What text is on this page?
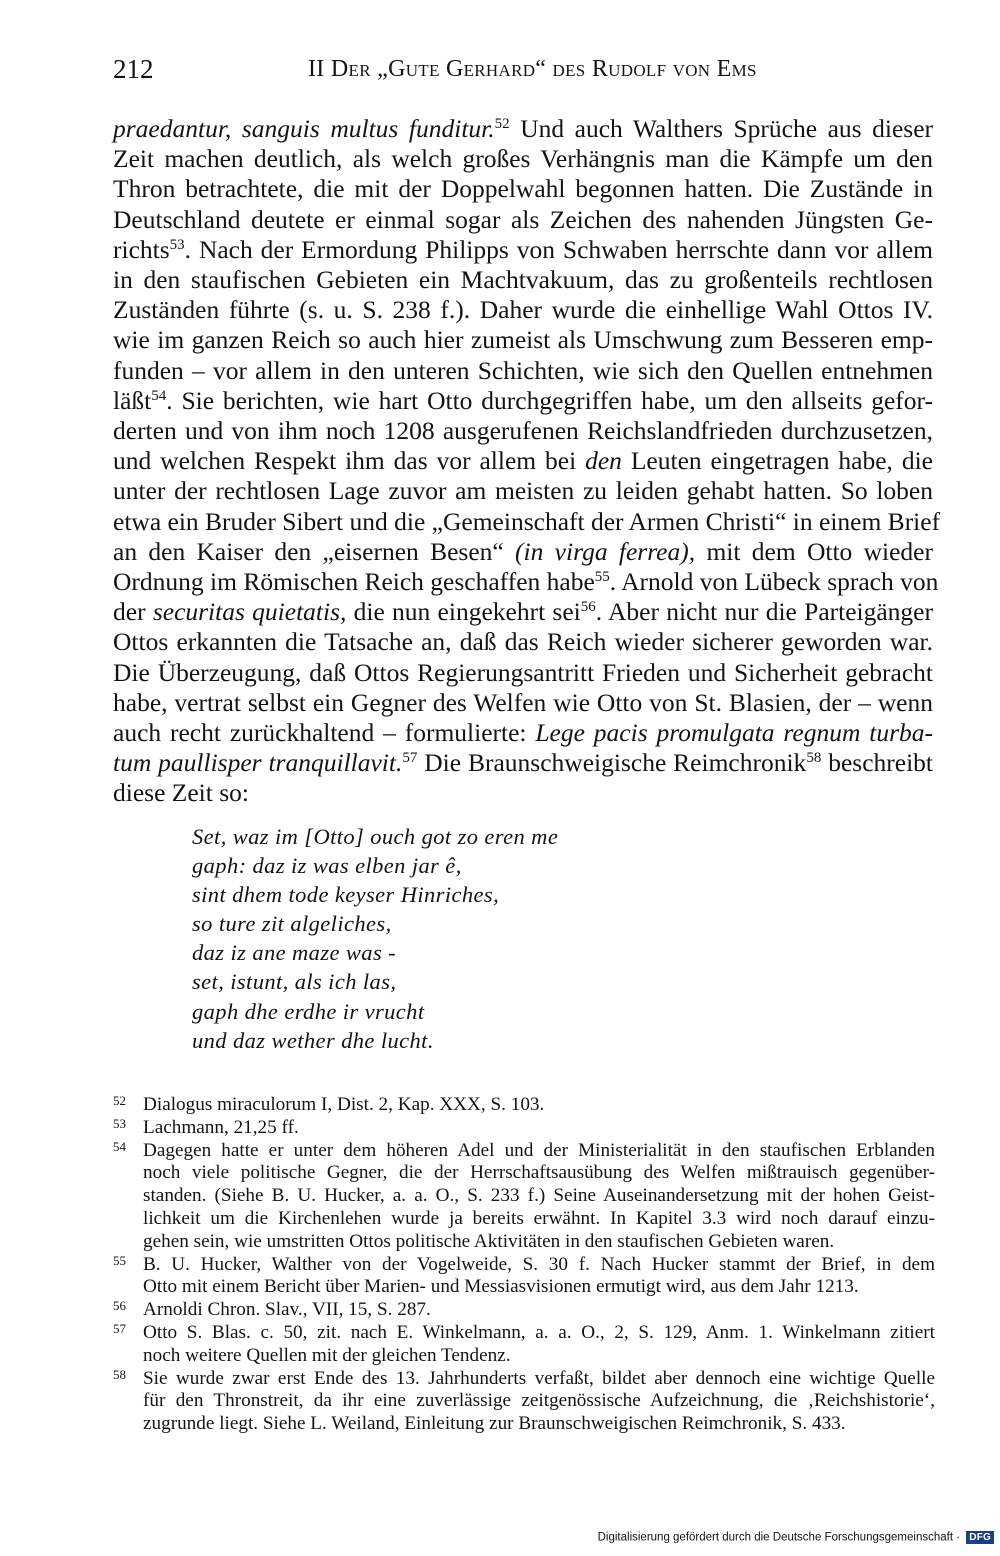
212	II Der „Gute Gerhard“ des Rudolf von Ems
praedantur, sanguis multus funditur.$^{52}$ Und auch Walthers Sprüche aus dieser
Zeit machen deutlich, als welch großes Verhängnis man die Kämpfe um den
Thron betrachtete, die mit der Doppelwahl begonnen hatten. Die Zustände in
Deutschland deutete er einmal sogar als Zeichen des nahenden Jüngsten Ge-
richts$^{53}$. Nach der Ermordung Philipps von Schwaben herrschte dann vor allem
in den staufischen Gebieten ein Machtvakuum, das zu großenteils rechtlosen
Zuständen führte (s. u. S. 238 f.). Daher wurde die einhellige Wahl Ottos IV.
wie im ganzen Reich so auch hier zumeist als Umschwung zum Besseren emp-
funden – vor allem in den unteren Schichten, wie sich den Quellen entnehmen
läßt$^{54}$. Sie berichten, wie hart Otto durchgegriffen habe, um den allseits gefor-
derten und von ihm noch 1208 ausgerufenen Reichslandfrieden durchzusetzen,
und welchen Respekt ihm das vor allem bei den Leuten eingetragen habe, die
unter der rechtlosen Lage zuvor am meisten zu leiden gehabt hatten. So loben
etwa ein Bruder Sibert und die „Gemeinschaft der Armen Christi“ in einem Brief
an den Kaiser den „eisernen Besen“ (in virga ferrea), mit dem Otto wieder
Ordnung im Römischen Reich geschaffen habe$^{55}$. Arnold von Lübeck sprach von
der securitas quietatis, die nun eingekehrt sei$^{56}$. Aber nicht nur die Parteigänger
Ottos erkannten die Tatsache an, daß das Reich wieder sicherer geworden war.
Die Überzeugung, daß Ottos Regierungsantritt Frieden und Sicherheit gebracht
habe, vertrat selbst ein Gegner des Welfen wie Otto von St. Blasien, der – wenn
auch recht zurückhaltend – formulierte: Lege pacis promulgata regnum turba-
tum paullisper tranquillavit.$^{57}$ Die Braunschweigische Reimchronik$^{58}$ beschreibt
diese Zeit so:
Set, waz im [Otto] ouch got zo eren me
gaph: daz iz was elben jar ê,
sint dhem tode keyser Hinriches,
so ture zit algeliches,
daz iz ane maze was -
set, istunt, als ich las,
gaph dhe erdhe ir vrucht
und daz wether dhe lucht.
52 Dialogus miraculorum I, Dist. 2, Kap. XXX, S. 103.
53 Lachmann, 21,25 ff.
54 Dagegen hatte er unter dem höheren Adel und der Ministerialität in den staufischen Erblanden
noch viele politische Gegner, die der Herrschaftsausübung des Welfen mißtrauisch gegenüber-
standen. (Siehe B. U. Hucker, a. a. O., S. 233 f.) Seine Auseinandersetzung mit der hohen Geist-
lichkeit um die Kirchenlehen wurde ja bereits erwähnt. In Kapitel 3.3 wird noch darauf einzu-
gehen sein, wie umstritten Ottos politische Aktivitäten in den staufischen Gebieten waren.
55 B. U. Hucker, Walther von der Vogelweide, S. 30 f. Nach Hucker stammt der Brief, in dem
Otto mit einem Bericht über Marien- und Messiasvisionen ermutigt wird, aus dem Jahr 1213.
56 Arnoldi Chron. Slav., VII, 15, S. 287.
57 Otto S. Blas. c. 50, zit. nach E. Winkelmann, a. a. O., 2, S. 129, Anm. 1. Winkelmann zitiert
noch weitere Quellen mit der gleichen Tendenz.
58 Sie wurde zwar erst Ende des 13. Jahrhunderts verfaßt, bildet aber dennoch eine wichtige Quelle
für den Thronstreit, da ihr eine zuverlässige zeitgenössische Aufzeichnung, die ‚Reichshistorie‘,
zugrunde liegt. Siehe L. Weiland, Einleitung zur Braunschweigischen Reimchronik, S. 433.
Digitalisierung gefördert durch die Deutsche Forschungsgemeinschaft · DFG
